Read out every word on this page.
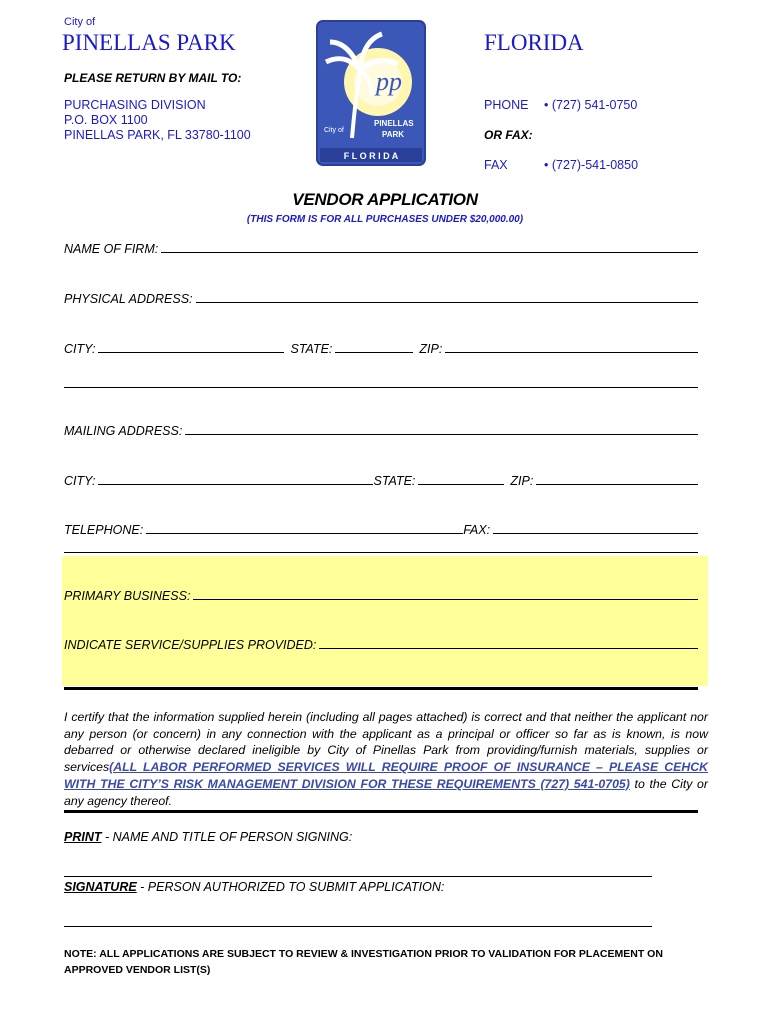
City of
PINELLAS PARK	FLORIDA
PLEASE RETURN BY MAIL TO:
PURCHASING DIVISION
P.O. BOX 1100
PINELLAS PARK, FL 33780-1100
PHONE • (727) 541-0750
OR FAX:
FAX	• (727)-541-0850
pp
City of
PINELLAS
PARK
F L O R I D A
VENDOR APPLICATION
(THIS FORM IS FOR ALL PURCHASES UNDER $20,000.00)
NAME OF FIRM:
PHYSICAL ADDRESS:
CITY:	STATE:	ZIP:
MAILING ADDRESS:
CITY:	STATE:	ZIP:
TELEPHONE:	FAX:
PRIMARY BUSINESS:
INDICATE SERVICE/SUPPLIES PROVIDED:
I certify that the information supplied herein (including all pages attached) is correct and that neither the applicant nor any person (or concern) in any connection with the applicant as a principal or officer so far as is known, is now debarred or otherwise declared ineligible by City of Pinellas Park from providing/furnish materials, supplies or services(ALL LABOR PERFORMED SERVICES WILL REQUIRE PROOF OF INSURANCE – PLEASE CEHCK WITH THE CITY’S RISK MANAGEMENT DIVISION FOR THESE REQUIREMENTS (727) 541-0705) to the City or any agency thereof.
PRINT - NAME AND TITLE OF PERSON SIGNING:
SIGNATURE - PERSON AUTHORIZED TO SUBMIT APPLICATION:
NOTE: ALL APPLICATIONS ARE SUBJECT TO REVIEW & INVESTIGATION PRIOR TO VALIDATION FOR PLACEMENT ON APPROVED VENDOR LIST(S)
